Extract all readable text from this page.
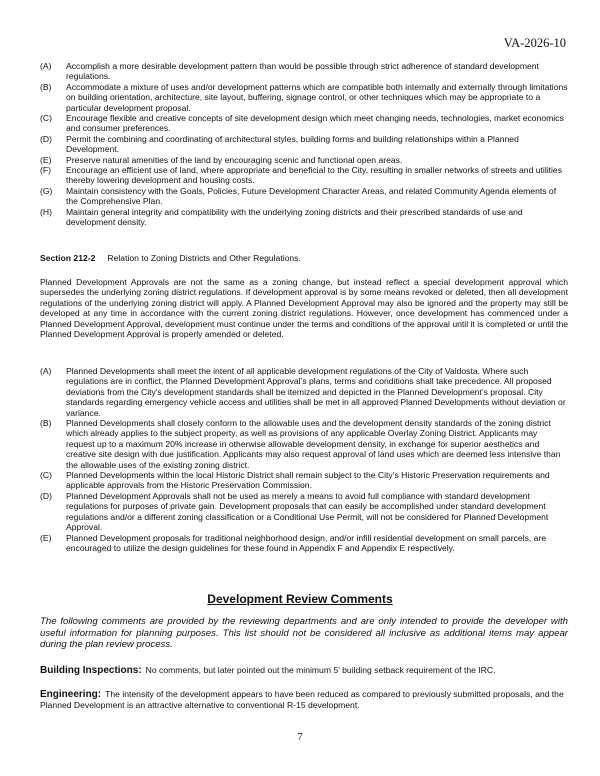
VA-2026-10
(A)	Accomplish a more desirable development pattern than would be possible through strict adherence of standard development regulations.
(B)	Accommodate a mixture of uses and/or development patterns which are compatible both internally and externally through limitations on building orientation, architecture, site layout, buffering, signage control, or other techniques which may be appropriate to a particular development proposal.
(C)	Encourage flexible and creative concepts of site development design which meet changing needs, technologies, market economics and consumer preferences.
(D)	Permit the combining and coordinating of architectural styles, building forms and building relationships within a Planned Development.
(E)	Preserve natural amenities of the land by encouraging scenic and functional open areas.
(F)	Encourage an efficient use of land, where appropriate and beneficial to the City, resulting in smaller networks of streets and utilities thereby lowering development and housing costs.
(G)	Maintain consistency with the Goals, Policies, Future Development Character Areas, and related Community Agenda elements of the Comprehensive Plan.
(H)	Maintain general integrity and compatibility with the underlying zoning districts and their prescribed standards of use and development density.
Section 212-2 Relation to Zoning Districts and Other Regulations.
Planned Development Approvals are not the same as a zoning change, but instead reflect a special development approval which supersedes the underlying zoning district regulations. If development approval is by some means revoked or deleted, then all development regulations of the underlying zoning district will apply. A Planned Development Approval may also be ignored and the property may still be developed at any time in accordance with the current zoning district regulations. However, once development has commenced under a Planned Development Approval, development must continue under the terms and conditions of the approval until it is completed or until the Planned Development Approval is properly amended or deleted.
(A)	Planned Developments shall meet the intent of all applicable development regulations of the City of Valdosta. Where such regulations are in conflict, the Planned Development Approval’s plans, terms and conditions shall take precedence. All proposed deviations from the City's development standards shall be itemized and depicted in the Planned Development’s proposal. City standards regarding emergency vehicle access and utilities shall be met in all approved Planned Developments without deviation or variance.
(B)	Planned Developments shall closely conform to the allowable uses and the development density standards of the zoning district which already applies to the subject property, as well as provisions of any applicable Overlay Zoning District. Applicants may request up to a maximum 20% increase in otherwise allowable development density, in exchange for superior aesthetics and creative site design with due justification. Applicants may also request approval of land uses which are deemed less intensive than the allowable uses of the existing zoning district.
(C)	Planned Developments within the local Historic District shall remain subject to the City’s Historic Preservation requirements and applicable approvals from the Historic Preservation Commission.
(D)	Planned Development Approvals shall not be used as merely a means to avoid full compliance with standard development regulations for purposes of private gain. Development proposals that can easily be accomplished under standard development regulations and/or a different zoning classification or a Conditional Use Permit, will not be considered for Planned Development Approval.
(E)	Planned Development proposals for traditional neighborhood design, and/or infill residential development on small parcels, are encouraged to utilize the design guidelines for these found in Appendix F and Appendix E respectively.
Development Review Comments
The following comments are provided by the reviewing departments and are only intended to provide the developer with useful information for planning purposes. This list should not be considered all inclusive as additional items may appear during the plan review process.
Building Inspections: No comments, but later pointed out the minimum 5’ building setback requirement of the IRC.
Engineering: The intensity of the development appears to have been reduced as compared to previously submitted proposals, and the Planned Development is an attractive alternative to conventional R-15 development.
7
